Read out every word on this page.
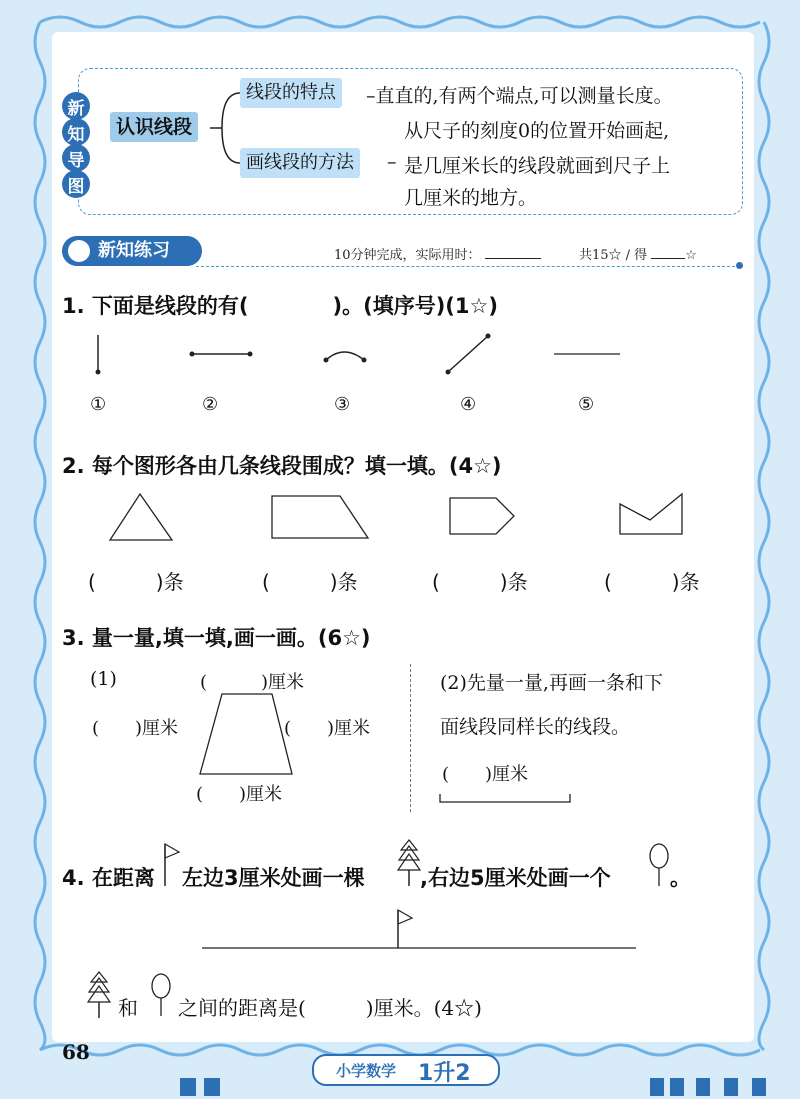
新
知
导
图
认识线段
线段的特点	–直直的,有两个端点,可以测量长度。
画线段的方法	–
从尺子的刻度0的位置开始画起,
是几厘米长的线段就画到尺子上
几厘米的地方。
新知练习	10分钟完成，实际用时：	共15☆ / 得	☆
1. 下面是线段的有(　　　　)。(填序号)(1☆)
①	②	③	④	⑤
2. 每个图形各由几条线段围成？填一填。(4☆)
(　　　)条	(　　　)条	(　　　)条	(　　　)条
3. 量一量,填一填,画一画。(6☆)
(1)	(　　　)厘米
(　　)厘米	(　　)厘米
(　　)厘米
(2)先量一量,再画一条和下
面线段同样长的线段。
(　　)厘米
4. 在距离 左边3厘米处画一棵	,右边5厘米处画一个	。
和 之间的距离是(　　　)厘米。(4☆)
68
小学数学 1升2
